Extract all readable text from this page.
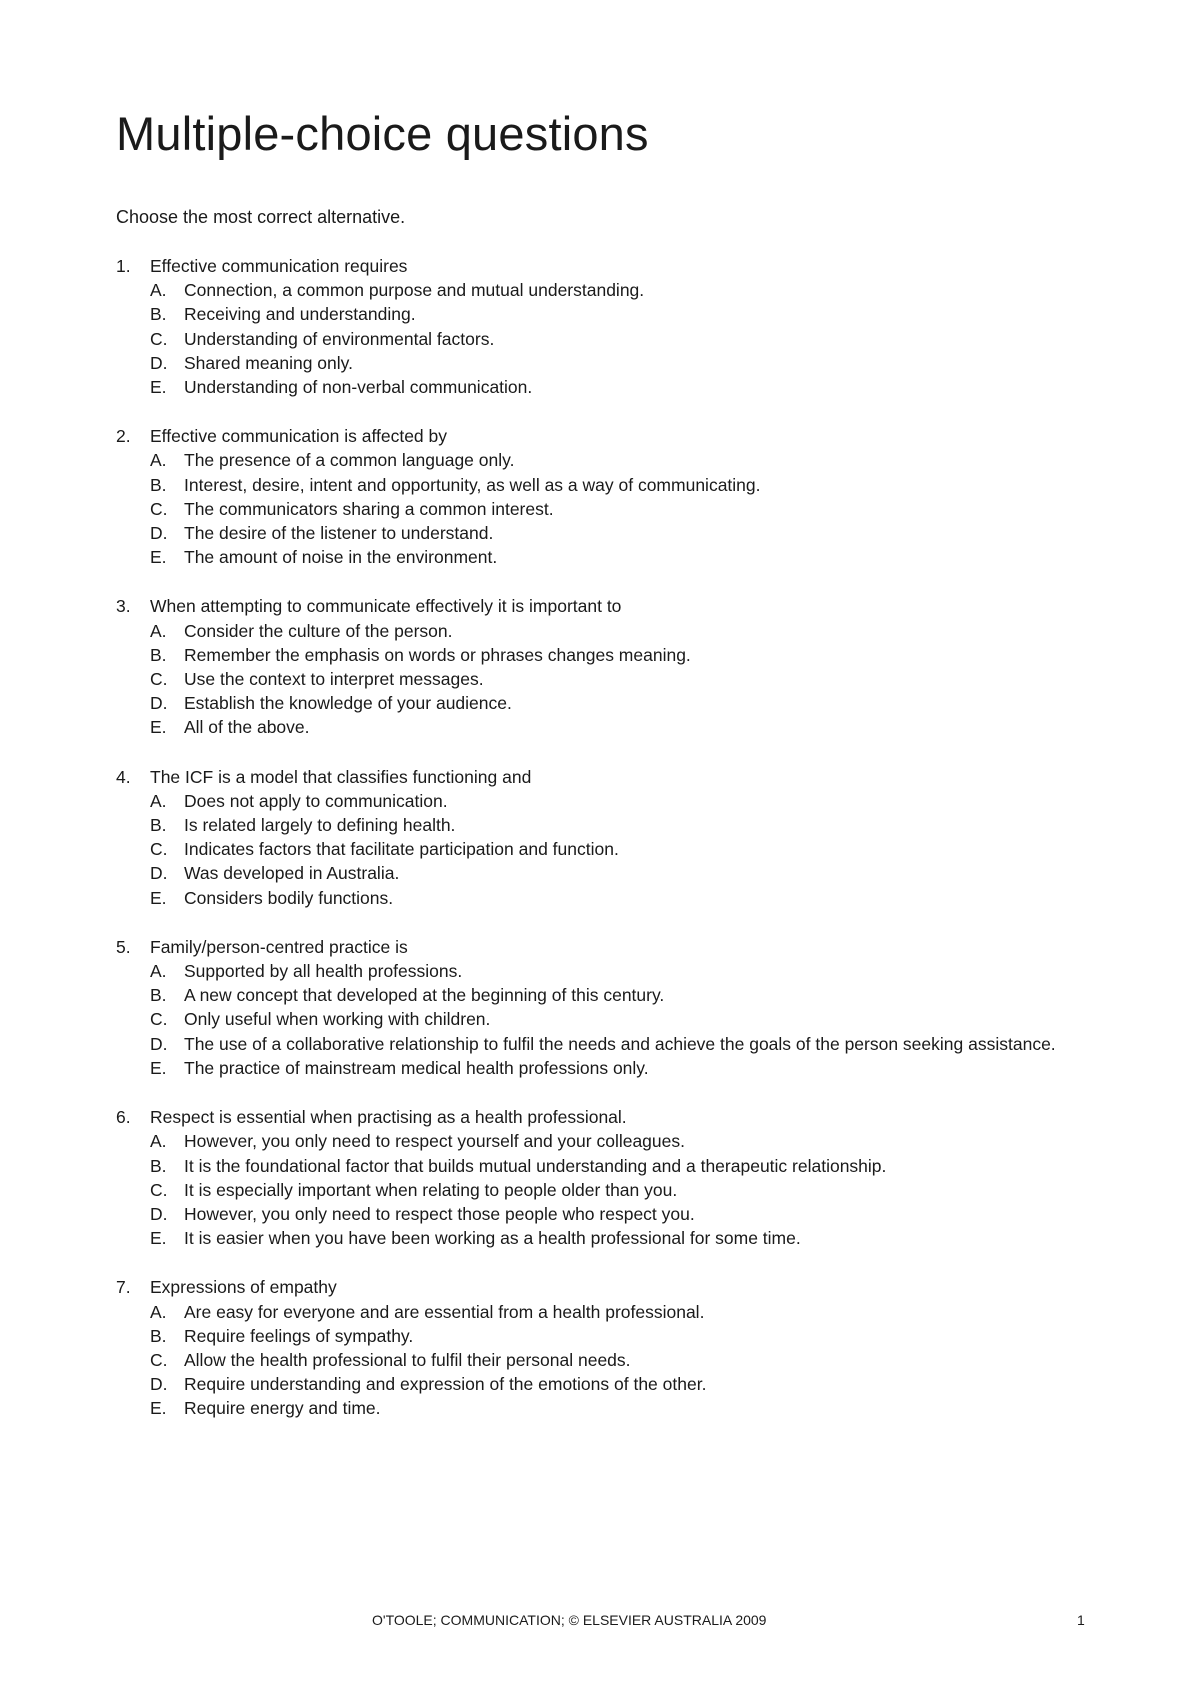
Multiple-choice questions

Choose the most correct alternative.

1.	Effective communication requires
A. Connection, a common purpose and mutual understanding.
B. Receiving and understanding.
C. Understanding of environmental factors.
D. Shared meaning only.
E. Understanding of non-verbal communication.
2.	Effective communication is affected by
A. The presence of a common language only.
B. Interest, desire, intent and opportunity, as well as a way of communicating.
C. The communicators sharing a common interest.
D. The desire of the listener to understand.
E. The amount of noise in the environment.
3.	When attempting to communicate effectively it is important to
A. Consider the culture of the person.
B. Remember the emphasis on words or phrases changes meaning.
C. Use the context to interpret messages.
D. Establish the knowledge of your audience.
E. All of the above.
4.	The ICF is a model that classifies functioning and
A. Does not apply to communication.
B. Is related largely to defining health.
C. Indicates factors that facilitate participation and function.
D. Was developed in Australia.
E. Considers bodily functions.
5.	Family/person-centred practice is
A. Supported by all health professions.
B. A new concept that developed at the beginning of this century.
C. Only useful when working with children.
D. The use of a collaborative relationship to fulfil the needs and achieve the goals of the person seeking assistance.
E. The practice of mainstream medical health professions only.
6.	Respect is essential when practising as a health professional.
A. However, you only need to respect yourself and your colleagues.
B. It is the foundational factor that builds mutual understanding and a therapeutic relationship.
C. It is especially important when relating to people older than you.
D. However, you only need to respect those people who respect you.
E. It is easier when you have been working as a health professional for some time.
7.	Expressions of empathy
A. Are easy for everyone and are essential from a health professional.
B. Require feelings of sympathy.
C. Allow the health professional to fulfil their personal needs.
D. Require understanding and expression of the emotions of the other.
E. Require energy and time.
O'TOOLE; COMMUNICATION; © ELSEVIER AUSTRALIA 2009	1
